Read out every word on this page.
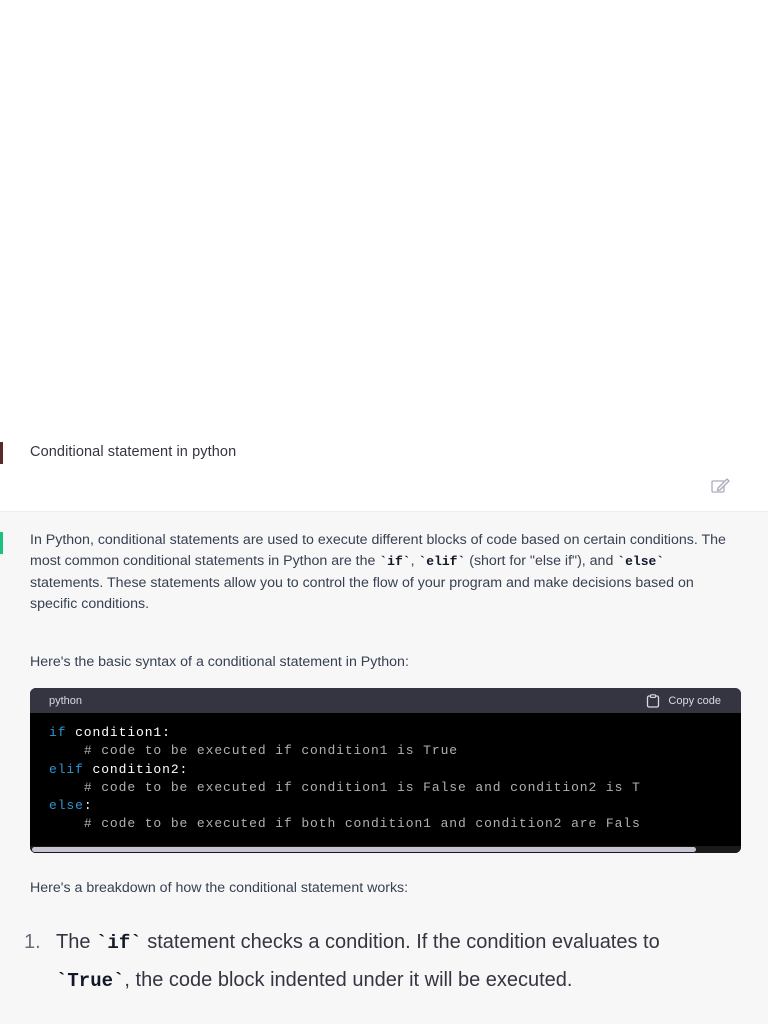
Conditional statement in python
In Python, conditional statements are used to execute different blocks of code based on certain conditions. The most common conditional statements in Python are the `if`, `elif` (short for "else if"), and `else` statements. These statements allow you to control the flow of your program and make decisions based on specific conditions.
Here's the basic syntax of a conditional statement in Python:
python	Copy code
if condition1:
# code to be executed if condition1 is True
elif condition2:
# code to be executed if condition1 is False and condition2 is T
else:
# code to be executed if both condition1 and condition2 are Fals
Here's a breakdown of how the conditional statement works:
1. The `if` statement checks a condition. If the condition evaluates to `True`, the code block indented under it will be executed.
